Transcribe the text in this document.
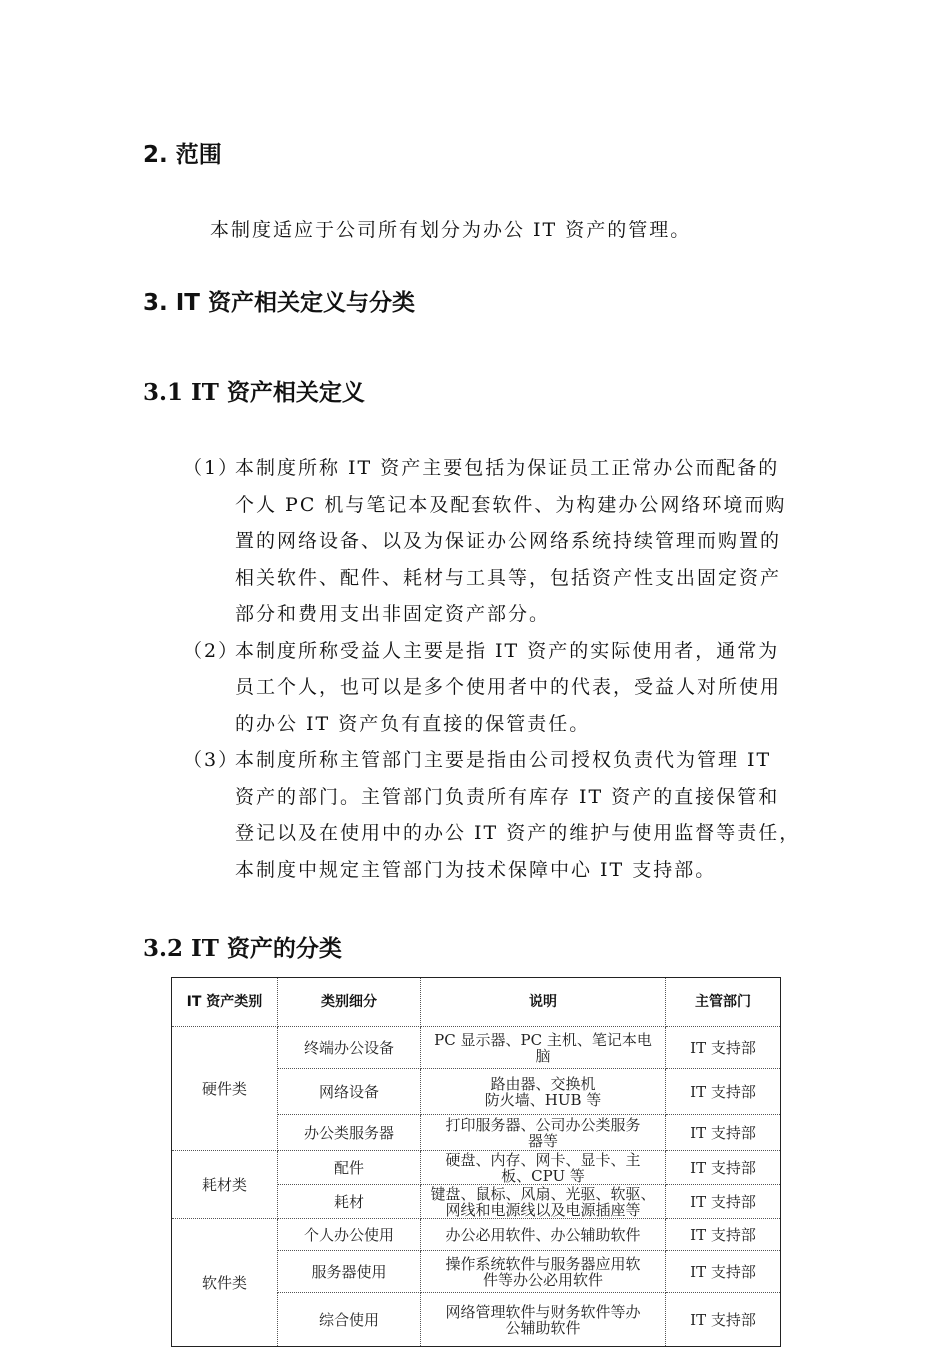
2. 范围

本制度适应于公司所有划分为办公 IT 资产的管理。

3. IT 资产相关定义与分类
3.1 IT 资产相关定义
（1）
本制度所称 IT 资产主要包括为保证员工正常办公而配备的
个人 PC 机与笔记本及配套软件、为构建办公网络环境而购
置的网络设备、以及为保证办公网络系统持续管理而购置的
相关软件、配件、耗材与工具等，包括资产性支出固定资产
部分和费用支出非固定资产部分。
（2）
本制度所称受益人主要是指 IT 资产的实际使用者，通常为
员工个人，也可以是多个使用者中的代表，受益人对所使用
的办公 IT 资产负有直接的保管责任。
（3）
本制度所称主管部门主要是指由公司授权负责代为管理 IT
资产的部门。主管部门负责所有库存 IT 资产的直接保管和
登记以及在使用中的办公 IT 资产的维护与使用监督等责任，
本制度中规定主管部门为技术保障中心 IT 支持部。
3.2 IT 资产的分类
IT 资产类别	类别细分	说明	主管部门
硬件类	终端办公设备	PC 显示器、PC 主机、笔记本电
脑	IT 支持部
	网络设备	路由器、交换机
防火墙、HUB 等	IT 支持部
	办公类服务器	打印服务器、公司办公类服务
器等	IT 支持部
耗材类	配件	硬盘、内存、网卡、显卡、主
板、CPU 等	IT 支持部
	耗材	键盘、鼠标、风扇、光驱、软驱、
网线和电源线以及电源插座等	IT 支持部
软件类	个人办公使用	办公必用软件、办公辅助软件	IT 支持部
	服务器使用	操作系统软件与服务器应用软
件等办公必用软件	IT 支持部
	综合使用	网络管理软件与财务软件等办
公辅助软件	IT 支持部
